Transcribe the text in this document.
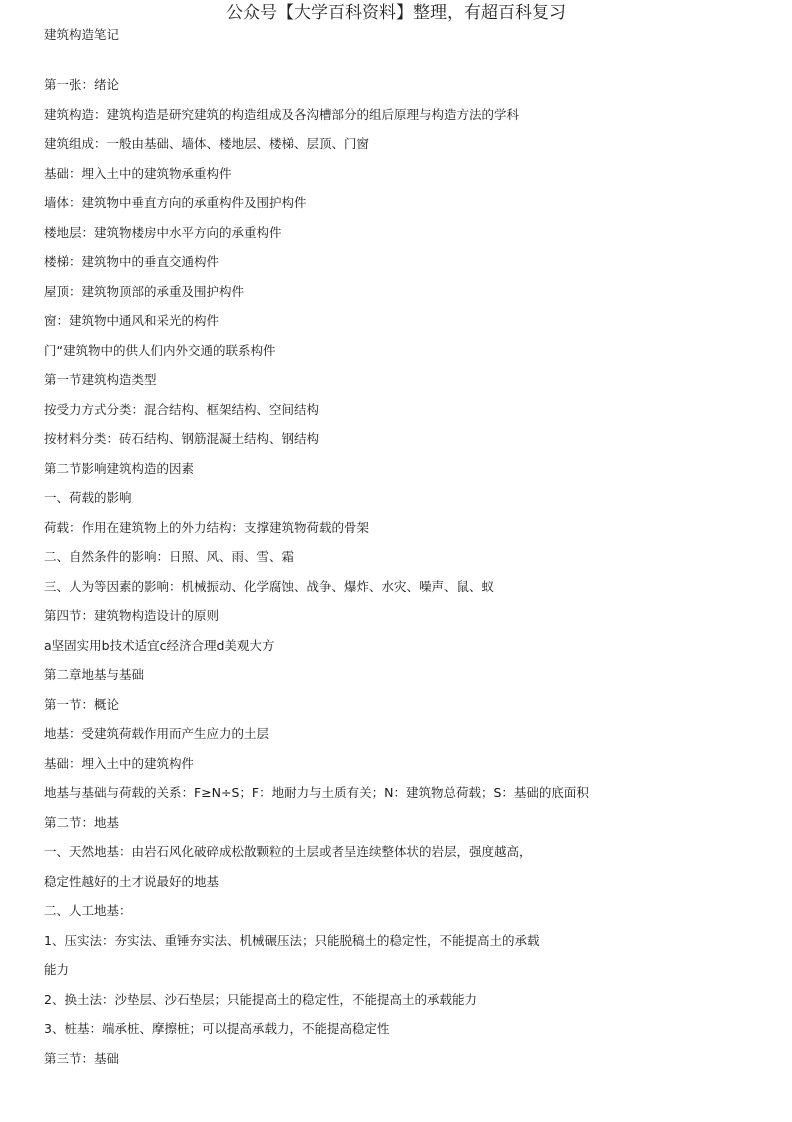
公众号【大学百科资料】整理，有超百科复习
建筑构造笔记
第一张：绪论
建筑构造：建筑构造是研究建筑的构造组成及各沟槽部分的组后原理与构造方法的学科
建筑组成：一般由基础、墙体、楼地层、楼梯、层顶、门窗
基础：埋入土中的建筑物承重构件
墙体：建筑物中垂直方向的承重构件及围护构件
楼地层：建筑物楼房中水平方向的承重构件
楼梯：建筑物中的垂直交通构件
屋顶：建筑物顶部的承重及围护构件
窗：建筑物中通风和采光的构件
门“建筑物中的供人们内外交通的联系构件
第一节建筑构造类型
按受力方式分类：混合结构、框架结构、空间结构
按材料分类：砖石结构、钢筋混凝土结构、钢结构
第二节影响建筑构造的因素
一、荷载的影响
荷载：作用在建筑物上的外力结构：支撑建筑物荷载的骨架
二、自然条件的影响：日照、风、雨、雪、霜
三、人为等因素的影响：机械振动、化学腐蚀、战争、爆炸、水灾、噪声、鼠、蚁
第四节：建筑物构造设计的原则
a坚固实用b技术适宜c经济合理d美观大方
第二章地基与基础
第一节：概论
地基：受建筑荷载作用而产生应力的土层
基础：埋入土中的建筑构件
地基与基础与荷载的关系：F≥N÷S；F：地耐力与土质有关；N：建筑物总荷载；S：基础的底面积
第二节：地基
一、天然地基：由岩石风化破碎成松散颗粒的土层或者呈连续整体状的岩层，强度越高，
稳定性越好的土才说最好的地基
二、人工地基：
1、压实法：夯实法、重锤夯实法、机械碾压法；只能脱稿土的稳定性，不能提高土的承载
能力
2、换土法：沙垫层、沙石垫层；只能提高土的稳定性，不能提高土的承载能力
3、桩基：端承桩、摩擦桩；可以提高承载力，不能提高稳定性
第三节：基础
